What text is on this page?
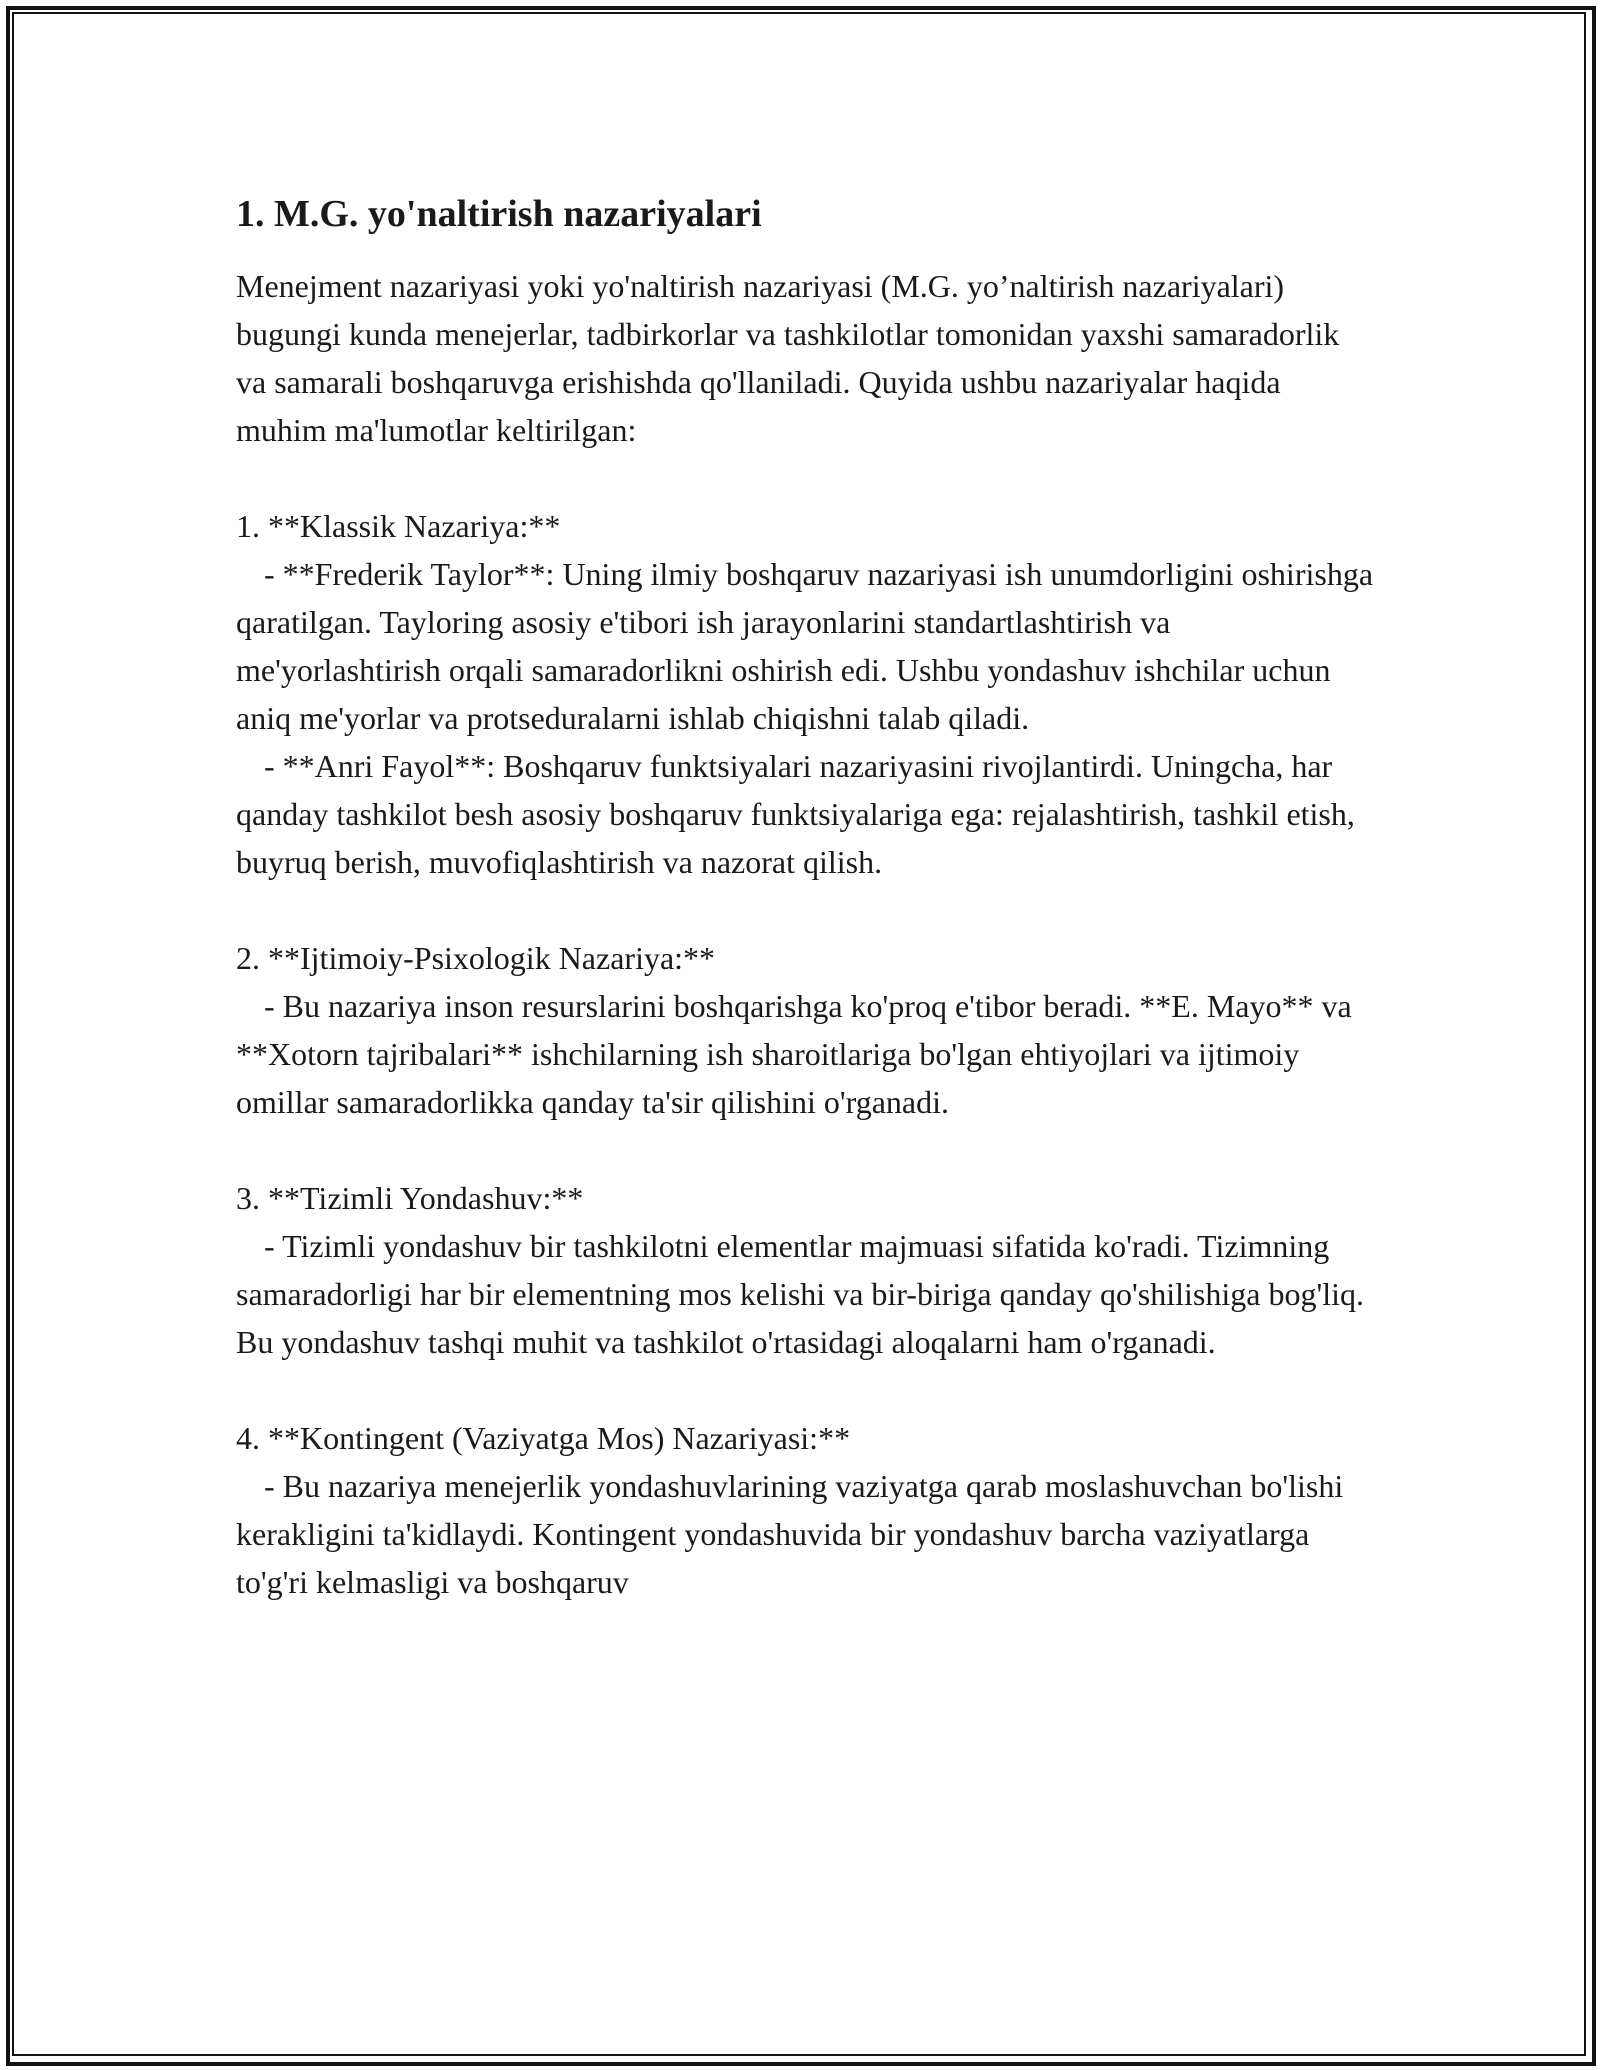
1. M.G. yo'naltirish nazariyalari

Menejment nazariyasi yoki yo'naltirish nazariyasi (M.G. yo’naltirish nazariyalari) bugungi kunda menejerlar, tadbirkorlar va tashkilotlar tomonidan yaxshi samaradorlik va samarali boshqaruvga erishishda qo'llaniladi. Quyida ushbu nazariyalar haqida muhim ma'lumotlar keltirilgan:

1. **Klassik Nazariya:**

- **Frederik Taylor**: Uning ilmiy boshqaruv nazariyasi ish unumdorligini oshirishga qaratilgan. Tayloring asosiy e'tibori ish jarayonlarini standartlashtirish va me'yorlashtirish orqali samaradorlikni oshirish edi. Ushbu yondashuv ishchilar uchun aniq me'yorlar va protseduralarni ishlab chiqishni talab qiladi.

- **Anri Fayol**: Boshqaruv funktsiyalari nazariyasini rivojlantirdi. Uningcha, har qanday tashkilot besh asosiy boshqaruv funktsiyalariga ega: rejalashtirish, tashkil etish, buyruq berish, muvofiqlashtirish va nazorat qilish.

2. **Ijtimoiy-Psixologik Nazariya:**

- Bu nazariya inson resurslarini boshqarishga ko'proq e'tibor beradi. **E. Mayo** va **Xotorn tajribalari** ishchilarning ish sharoitlariga bo'lgan ehtiyojlari va ijtimoiy omillar samaradorlikka qanday ta'sir qilishini o'rganadi.

3. **Tizimli Yondashuv:**

- Tizimli yondashuv bir tashkilotni elementlar majmuasi sifatida ko'radi. Tizimning samaradorligi har bir elementning mos kelishi va bir-biriga qanday qo'shilishiga bog'liq. Bu yondashuv tashqi muhit va tashkilot o'rtasidagi aloqalarni ham o'rganadi.

4. **Kontingent (Vaziyatga Mos) Nazariyasi:**

- Bu nazariya menejerlik yondashuvlarining vaziyatga qarab moslashuvchan bo'lishi kerakligini ta'kidlaydi. Kontingent yondashuvida bir yondashuv barcha vaziyatlarga to'g'ri kelmasligi va boshqaruv
